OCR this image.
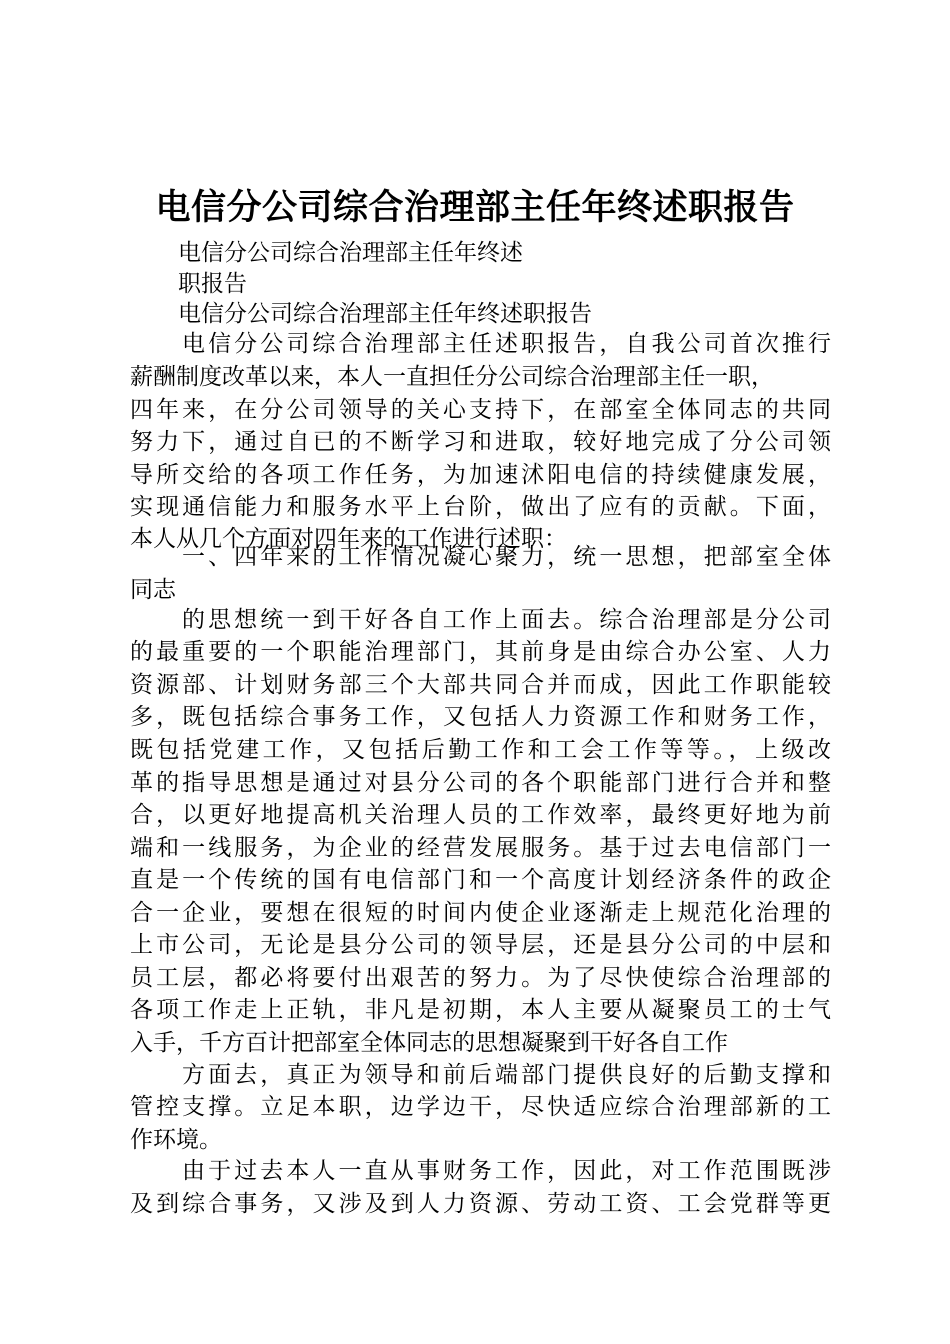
电信分公司综合治理部主任年终述职报告
电信分公司综合治理部主任年终述
职报告
电信分公司综合治理部主任年终述职报告
电信分公司综合治理部主任述职报告，自我公司首次推行
薪酬制度改革以来，本人一直担任分公司综合治理部主任一职，
四年来，在分公司领导的关心支持下，在部室全体同志的共同
努力下，通过自已的不断学习和进取，较好地完成了分公司领
导所交给的各项工作任务，为加速沭阳电信的持续健康发展，
实现通信能力和服务水平上台阶，做出了应有的贡献。下面，
本人从几个方面对四年来的工作进行述职：
一、四年来的工作情况凝心聚力，统一思想，把部室全体
同志
的思想统一到干好各自工作上面去。综合治理部是分公司
的最重要的一个职能治理部门，其前身是由综合办公室、人力
资源部、计划财务部三个大部共同合并而成，因此工作职能较
多，既包括综合事务工作，又包括人力资源工作和财务工作，
既包括党建工作，又包括后勤工作和工会工作等等。，上级改
革的指导思想是通过对县分公司的各个职能部门进行合并和整
合，以更好地提高机关治理人员的工作效率，最终更好地为前
端和一线服务，为企业的经营发展服务。基于过去电信部门一
直是一个传统的国有电信部门和一个高度计划经济条件的政企
合一企业，要想在很短的时间内使企业逐渐走上规范化治理的
上市公司，无论是县分公司的领导层，还是县分公司的中层和
员工层，都必将要付出艰苦的努力。为了尽快使综合治理部的
各项工作走上正轨，非凡是初期，本人主要从凝聚员工的士气
入手，千方百计把部室全体同志的思想凝聚到干好各自工作
方面去，真正为领导和前后端部门提供良好的后勤支撑和
管控支撑。立足本职，边学边干，尽快适应综合治理部新的工
作环境。
由于过去本人一直从事财务工作，因此，对工作范围既涉
及到综合事务，又涉及到人力资源、劳动工资、工会党群等更
